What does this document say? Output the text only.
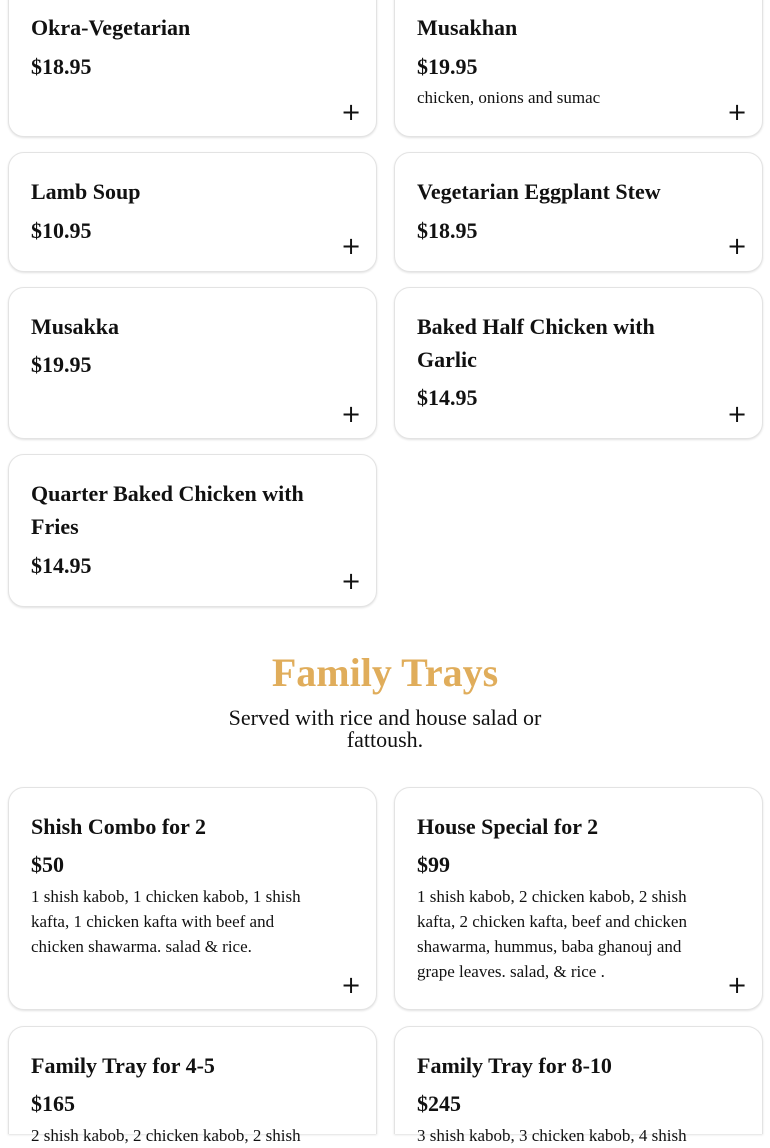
Okra-Vegetarian
$18.95
+
Musakhan
$19.95
chicken, onions and sumac
+
Lamb Soup
$10.95
+
Vegetarian Eggplant Stew
$18.95
+
Musakka
$19.95
+
Baked Half Chicken with Garlic
$14.95
+
Quarter Baked Chicken with Fries
$14.95
+
Family Trays
Served with rice and house salad or fattoush.
Shish Combo for 2
$50
1 shish kabob, 1 chicken kabob, 1 shish kafta, 1 chicken kafta with beef and chicken shawarma. salad & rice.
+
House Special for 2
$99
1 shish kabob, 2 chicken kabob, 2 shish kafta, 2 chicken kafta, beef and chicken shawarma, hummus, baba ghanouj and grape leaves. salad, & rice .	+
Family Tray for 4-5
$165
2 shish kabob, 2 chicken kabob, 2 shish
Family Tray for 8-10
$245
3 shish kabob, 3 chicken kabob, 4 shish
